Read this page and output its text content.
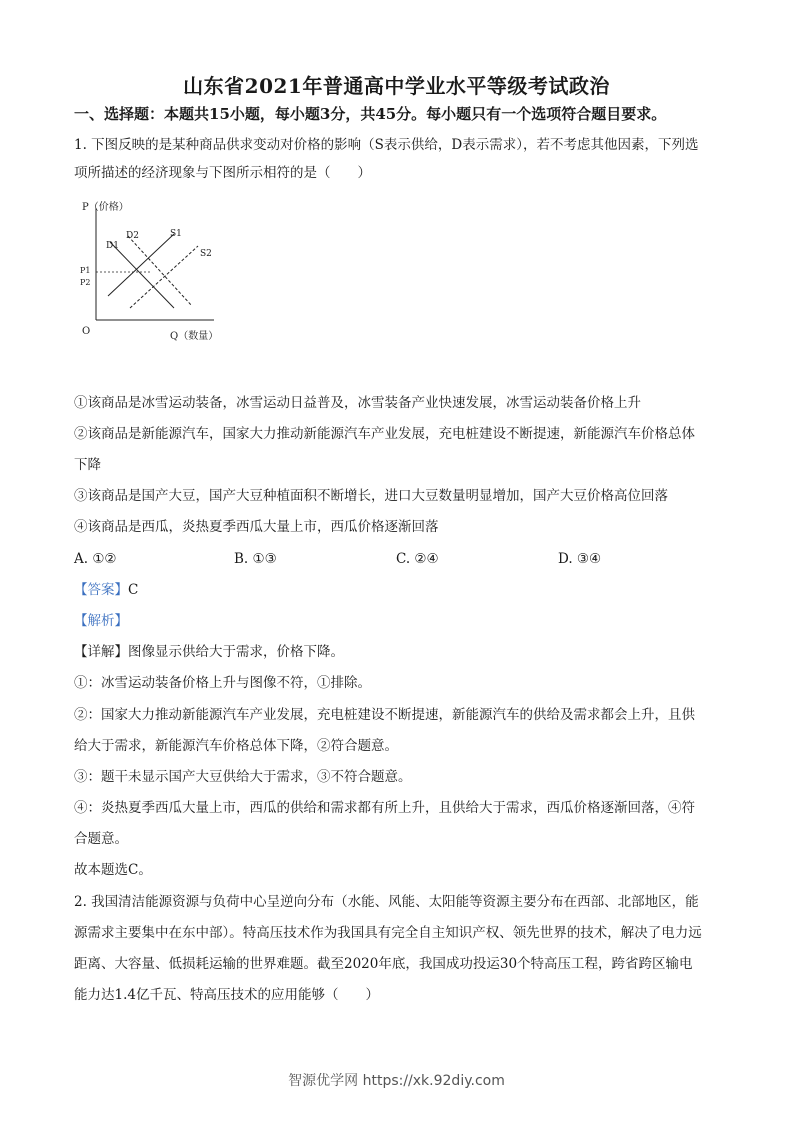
山东省2021年普通高中学业水平等级考试政治
一、选择题：本题共15小题，每小题3分，共45分。每小题只有一个选项符合题目要求。
1. 下图反映的是某种商品供求变动对价格的影响（S表示供给，D表示需求），若不考虑其他因素，下列选
项所描述的经济现象与下图所示相符的是（　　）
P（价格）
Q（数量）
O
P1
P2
D1
D2	S1
S2
①该商品是冰雪运动装备，冰雪运动日益普及，冰雪装备产业快速发展，冰雪运动装备价格上升
②该商品是新能源汽车，国家大力推动新能源汽车产业发展，充电桩建设不断提速，新能源汽车价格总体
下降
③该商品是国产大豆，国产大豆种植面积不断增长，进口大豆数量明显增加，国产大豆价格高位回落
④该商品是西瓜，炎热夏季西瓜大量上市，西瓜价格逐渐回落
A. ①②	B. ①③	C. ②④	D. ③④
【答案】C
【解析】
【详解】图像显示供给大于需求，价格下降。
①：冰雪运动装备价格上升与图像不符，①排除。
②：国家大力推动新能源汽车产业发展，充电桩建设不断提速，新能源汽车的供给及需求都会上升，且供
给大于需求，新能源汽车价格总体下降，②符合题意。
③：题干未显示国产大豆供给大于需求，③不符合题意。
④：炎热夏季西瓜大量上市，西瓜的供给和需求都有所上升，且供给大于需求，西瓜价格逐渐回落，④符
合题意。
故本题选C。
2. 我国清洁能源资源与负荷中心呈逆向分布（水能、风能、太阳能等资源主要分布在西部、北部地区，能
源需求主要集中在东中部）。特高压技术作为我国具有完全自主知识产权、领先世界的技术，解决了电力远
距离、大容量、低损耗运输的世界难题。截至2020年底，我国成功投运30个特高压工程，跨省跨区输电
能力达1.4亿千瓦、特高压技术的应用能够（　　）
智源优学网 https://xk.92diy.com
